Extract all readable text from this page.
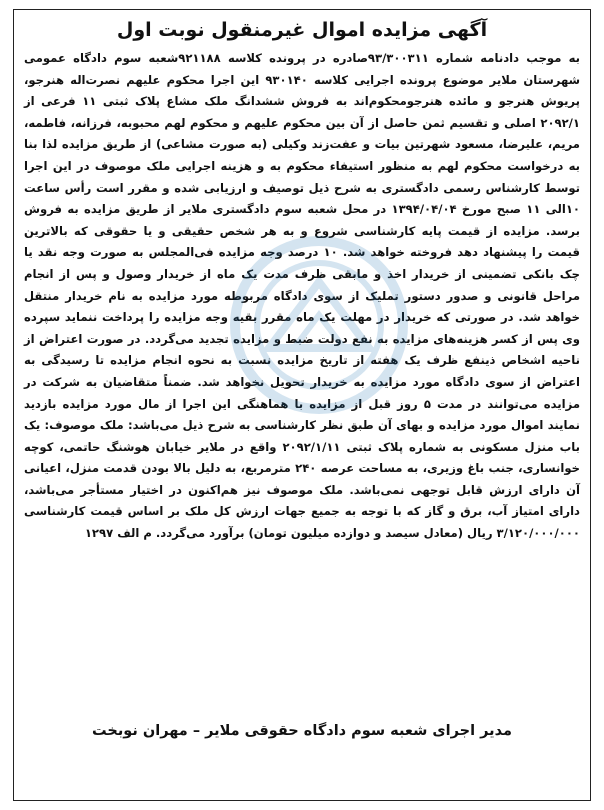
آگهی مزایده اموال غیرمنقول نوبت اول

به موجب دادنامه شماره ۹۳/۳۰۰۳۱۱صادره در پرونده کلاسه ۹۲۱۱۸۸شعبه سوم دادگاه عمومی شهرستان ملایر موضوع پرونده اجرایی کلاسه ۹۳۰۱۴۰ این اجرا محکوم علیهم نصرت‌اله هنرجو، پریوش هنرجو و مائده هنرجومحکوم‌اند به فروش ششدانگ ملک مشاع پلاک ثبتی ۱۱ فرعی از ۲۰۹۲/۱ اصلی و تقسیم ثمن حاصل از آن بین محکوم علیهم و محکوم لهم محبوبه، فرزانه، فاطمه، مریم، علیرضا، مسعود شهرتین بیات و عفت‌زند وکیلی (به صورت مشاعی) از طریق مزایده لذا بنا به درخواست محکوم لهم به منظور استیفاء محکوم به و هزینه اجرایی ملک موصوف در این اجرا توسط کارشناس رسمی دادگستری به شرح ذیل توصیف و ارزیابی شده و مقرر است رأس ساعت ۱۰الی ۱۱ صبح مورخ ۱۳۹۴/۰۴/۰۴ در محل شعبه سوم دادگستری ملایر از طریق مزایده به فروش برسد. مزایده از قیمت پایه کارشناسی شروع و به هر شخص حقیقی و یا حقوقی که بالاترین قیمت را پیشنهاد دهد فروخته خواهد شد. ۱۰ درصد وجه مزایده فی‌المجلس به صورت وجه نقد یا چک بانکی تضمینی از خریدار اخذ و مابقی ظرف مدت یک ماه از خریدار وصول و پس از انجام مراحل قانونی و صدور دستور تملیک از سوی دادگاه مربوطه مورد مزایده به نام خریدار منتقل خواهد شد. در صورتی که خریدار در مهلت یک ماه مقرر بقیه وجه مزایده را پرداخت ننماید سپرده وی پس از کسر هزینه‌های مزایده به نفع دولت ضبط و مزایده تجدید می‌گردد. در صورت اعتراض از ناحیه اشخاص ذینفع ظرف یک هفته از تاریخ مزایده نسبت به نحوه انجام مزایده تا رسیدگی به اعتراض از سوی دادگاه مورد مزایده به خریدار تحویل نخواهد شد. ضمناً متقاضیان به شرکت در مزایده می‌توانند در مدت ۵ روز قبل از مزایده با هماهنگی این اجرا از مال مورد مزایده بازدید نمایند اموال مورد مزایده و بهای آن طبق نظر کارشناسی به شرح ذیل می‌باشد: ملک موصوف: یک باب منزل مسکونی به شماره پلاک ثبتی ۲۰۹۲/۱/۱۱ واقع در ملایر خیابان هوشنگ حاتمی، کوچه خوانساری، جنب باغ وزیری، به مساحت عرصه ۲۴۰ مترمربع، به دلیل بالا بودن قدمت منزل، اعیانی آن دارای ارزش قابل توجهی نمی‌باشد. ملک موصوف نیز هم‌اکنون در اختیار مستأجر می‌باشد، دارای امتیاز آب، برق و گاز که با توجه به جمیع جهات ارزش کل ملک بر اساس قیمت کارشناسی ۳/۱۲۰/۰۰۰/۰۰۰ ریال (معادل سیصد و دوازده میلیون تومان) برآورد می‌گردد. م الف ۱۲۹۷

مدیر اجرای شعبه سوم دادگاه حقوقی ملایر – مهران نوبخت
